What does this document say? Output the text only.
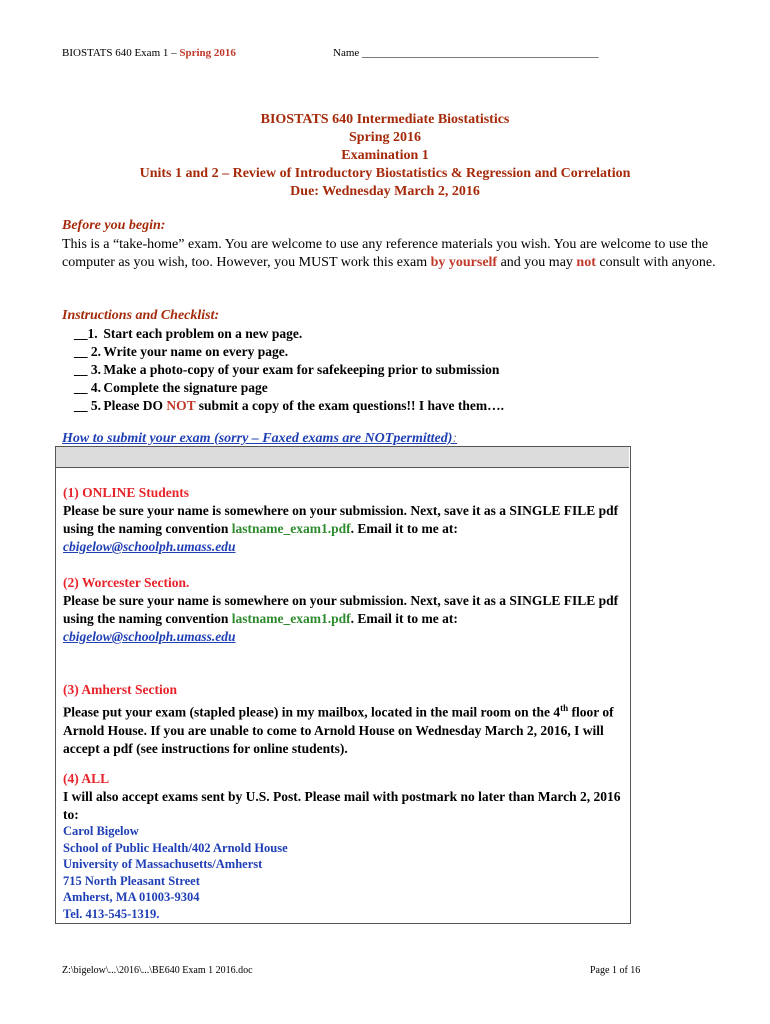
BIOSTATS 640 Exam 1 – Spring 2016	Name ___________________________________________
BIOSTATS 640 Intermediate Biostatistics
Spring 2016
Examination 1
Units 1 and 2 – Review of Introductory Biostatistics & Regression and Correlation
Due: Wednesday March 2, 2016
Before you begin:
This is a “take-home” exam. You are welcome to use any reference materials you wish. You are welcome to use the computer as you wish, too. However, you MUST work this exam by yourself and you may not consult with anyone.
Instructions and Checklist:
__1. Start each problem on a new page.
__ 2. Write your name on every page.
__ 3. Make a photo-copy of your exam for safekeeping prior to submission
__ 4. Complete the signature page
__ 5. Please DO NOT submit a copy of the exam questions!! I have them….
How to submit your exam (sorry – Faxed exams are NOTpermitted):
(1) ONLINE Students
Please be sure your name is somewhere on your submission. Next, save it as a SINGLE FILE pdf using the naming convention lastname_exam1.pdf. Email it to me at: cbigelow@schoolph.umass.edu
(2) Worcester Section.
Please be sure your name is somewhere on your submission. Next, save it as a SINGLE FILE pdf using the naming convention lastname_exam1.pdf. Email it to me at: cbigelow@schoolph.umass.edu
(3) Amherst Section
Please put your exam (stapled please) in my mailbox, located in the mail room on the 4th floor of Arnold House. If you are unable to come to Arnold House on Wednesday March 2, 2016, I will accept a pdf (see instructions for online students).
(4) ALL
I will also accept exams sent by U.S. Post. Please mail with postmark no later than March 2, 2016 to:
Carol Bigelow
School of Public Health/402 Arnold House
University of Massachusetts/Amherst
715 North Pleasant Street
Amherst, MA 01003-9304
Tel. 413-545-1319.
Z:\bigelow\...\2016\...\BE640 Exam 1 2016.doc	Page 1 of 16
